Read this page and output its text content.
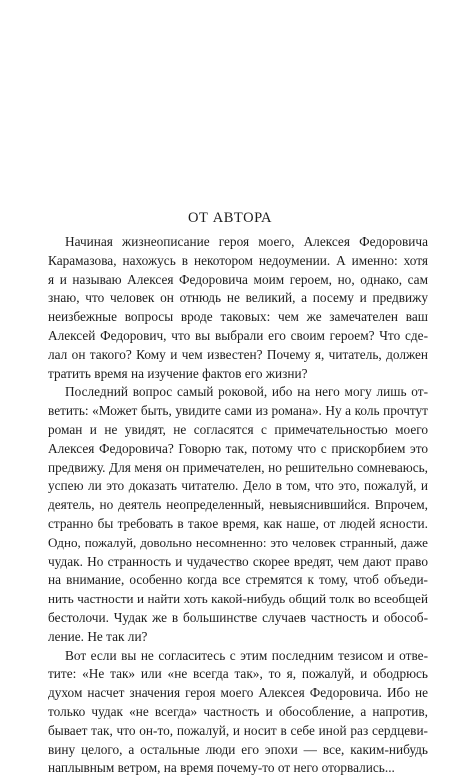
ОТ АВТОРА
Начиная жизнеописание героя моего, Алексея Федоровича
Карамазова, нахожусь в некотором недоумении. А именно: хотя
я и называю Алексея Федоровича моим героем, но, однако, сам
знаю, что человек он отнюдь не великий, а посему и предвижу
неизбежные вопросы вроде таковых: чем же замечателен ваш
Алексей Федорович, что вы выбрали его своим героем? Что сде-
лал он такого? Кому и чем известен? Почему я, читатель, должен
тратить время на изучение фактов его жизни?
Последний вопрос самый роковой, ибо на него могу лишь от-
ветить: «Может быть, увидите сами из романа». Ну а коль прочтут
роман и не увидят, не согласятся с примечательностью моего
Алексея Федоровича? Говорю так, потому что с прискорбием это
предвижу. Для меня он примечателен, но решительно сомневаюсь,
успею ли это доказать читателю. Дело в том, что это, пожалуй, и
деятель, но деятель неопределенный, невыяснившийся. Впрочем,
странно бы требовать в такое время, как наше, от людей ясности.
Одно, пожалуй, довольно несомненно: это человек странный, даже
чудак. Но странность и чудачество скорее вредят, чем дают право
на внимание, особенно когда все стремятся к тому, чтоб объеди-
нить частности и найти хоть какой-нибудь общий толк во всеобщей
бестолочи. Чудак же в большинстве случаев частность и обособ-
ление. Не так ли?
Вот если вы не согласитесь с этим последним тезисом и отве-
тите: «Не так» или «не всегда так», то я, пожалуй, и ободрюсь
духом насчет значения героя моего Алексея Федоровича. Ибо не
только чудак «не всегда» частность и обособление, а напротив,
бывает так, что он-то, пожалуй, и носит в себе иной раз сердцеви-
вину целого, а остальные люди его эпохи — все, каким-нибудь
наплывным ветром, на время почему-то от него оторвались...
